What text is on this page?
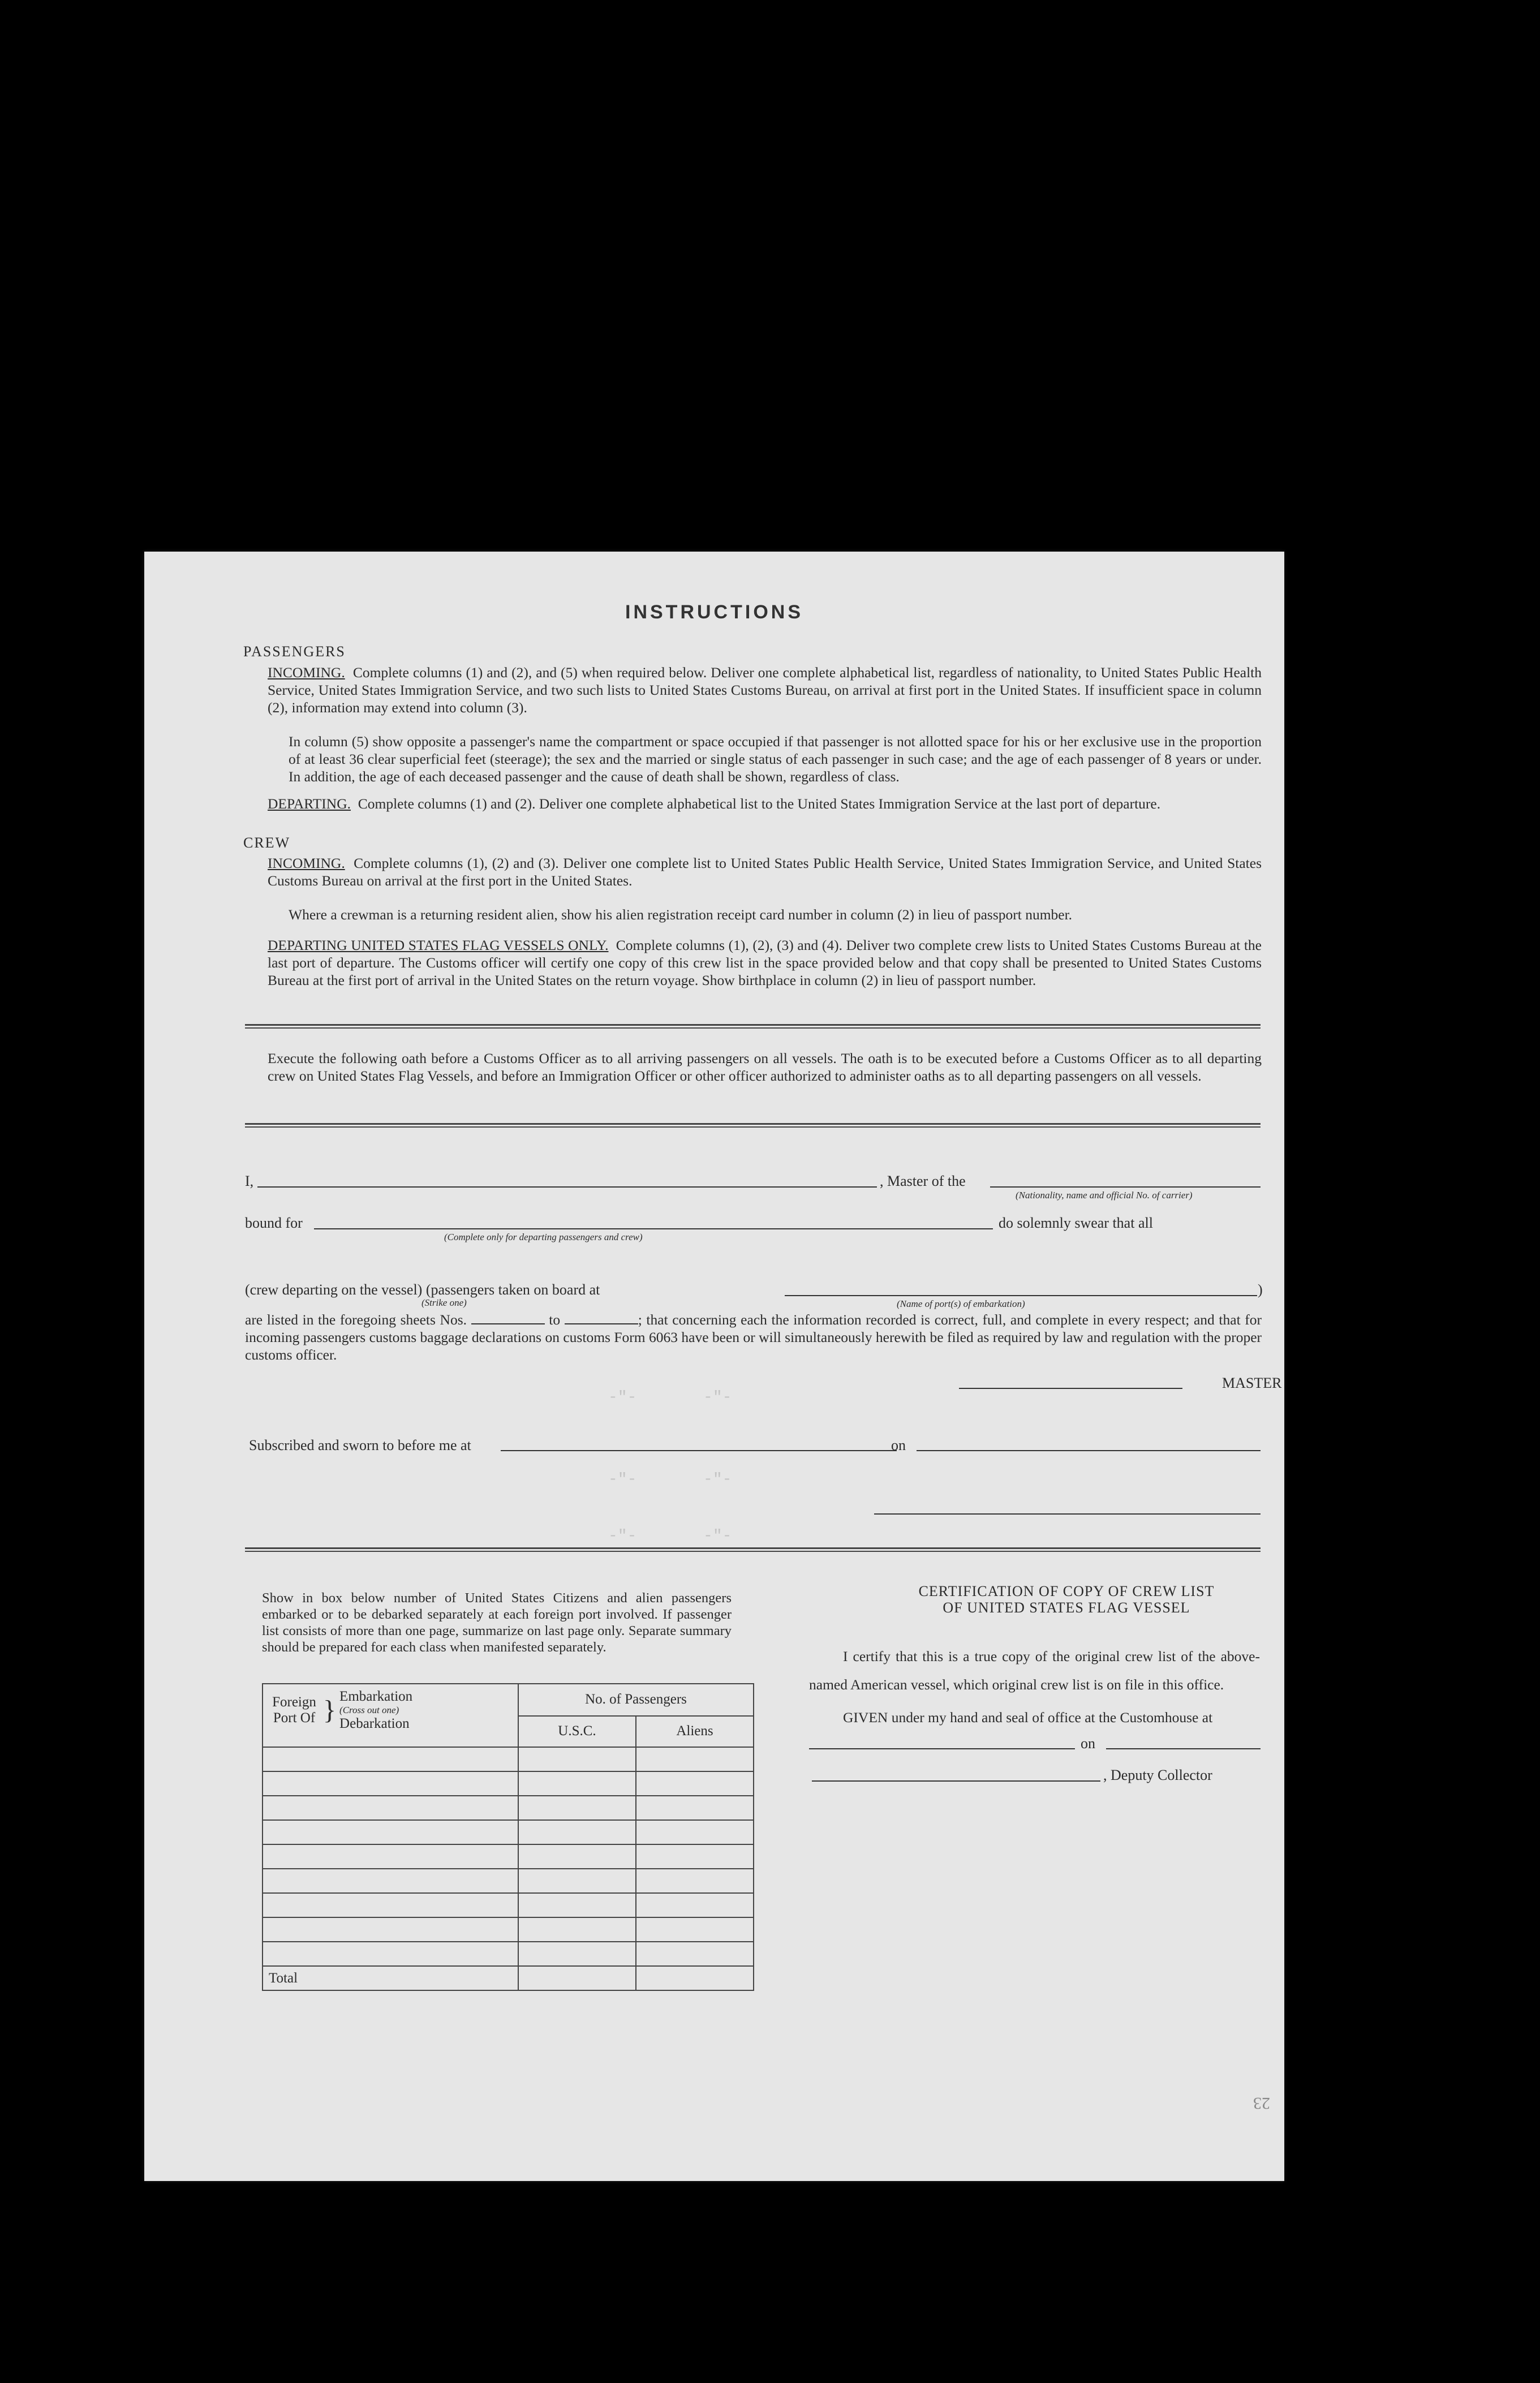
INSTRUCTIONS
PASSENGERS
INCOMING. Complete columns (1) and (2), and (5) when required below. Deliver one complete alphabetical list, regardless of nationality, to United States Public Health Service, United States Immigration Service, and two such lists to United States Customs Bureau, on arrival at first port in the United States. If insufficient space in column (2), information may extend into column (3).
In column (5) show opposite a passenger's name the compartment or space occupied if that passenger is not allotted space for his or her exclusive use in the proportion of at least 36 clear superficial feet (steerage); the sex and the married or single status of each passenger in such case; and the age of each passenger of 8 years or under. In addition, the age of each deceased passenger and the cause of death shall be shown, regardless of class.
DEPARTING. Complete columns (1) and (2). Deliver one complete alphabetical list to the United States Immigration Service at the last port of departure.
CREW
INCOMING. Complete columns (1), (2) and (3). Deliver one complete list to United States Public Health Service, United States Immigration Service, and United States Customs Bureau on arrival at the first port in the United States.
Where a crewman is a returning resident alien, show his alien registration receipt card number in column (2) in lieu of passport number.
DEPARTING UNITED STATES FLAG VESSELS ONLY. Complete columns (1), (2), (3) and (4). Deliver two complete crew lists to United States Customs Bureau at the last port of departure. The Customs officer will certify one copy of this crew list in the space provided below and that copy shall be presented to United States Customs Bureau at the first port of arrival in the United States on the return voyage. Show birthplace in column (2) in lieu of passport number.
Execute the following oath before a Customs Officer as to all arriving passengers on all vessels. The oath is to be executed before a Customs Officer as to all departing crew on United States Flag Vessels, and before an Immigration Officer or other officer authorized to administer oaths as to all departing passengers on all vessels.
I,	, Master of the
(Nationality, name and official No. of carrier)
bound for
(Complete only for departing passengers and crew)
do solemnly swear that all
(crew departing on the vessel) (passengers taken on board at
(Strike one)
)
(Name of port(s) of embarkation)
are listed in the foregoing sheets Nos.	to	; that concerning each the information recorded is correct, full, and complete in every respect; and that for incoming passengers customs baggage declarations on customs Form 6063 have been or will simultaneously herewith be filed as required by law and regulation with the proper customs officer.
MASTER
Subscribed and sworn to before me at	on
Show in box below number of United States Citizens and alien passengers embarked or to be debarked separately at each foreign port involved. If passenger list consists of more than one page, summarize on last page only. Separate summary should be prepared for each class when manifested separately.
Foreign Port Of } Embarkation
(Cross out one)
Debarkation	No. of Passengers	
	U.S.C.	Aliens

Total		
CERTIFICATION OF COPY OF CREW LIST
OF UNITED STATES FLAG VESSEL
I certify that this is a true copy of the original crew list of the above-named American vessel, which original crew list is on file in this office.
GIVEN under my hand and seal of office at the Customhouse at
on
, Deputy Collector
-"-       -"-
-"-       -"-
-"-       -"-
23
